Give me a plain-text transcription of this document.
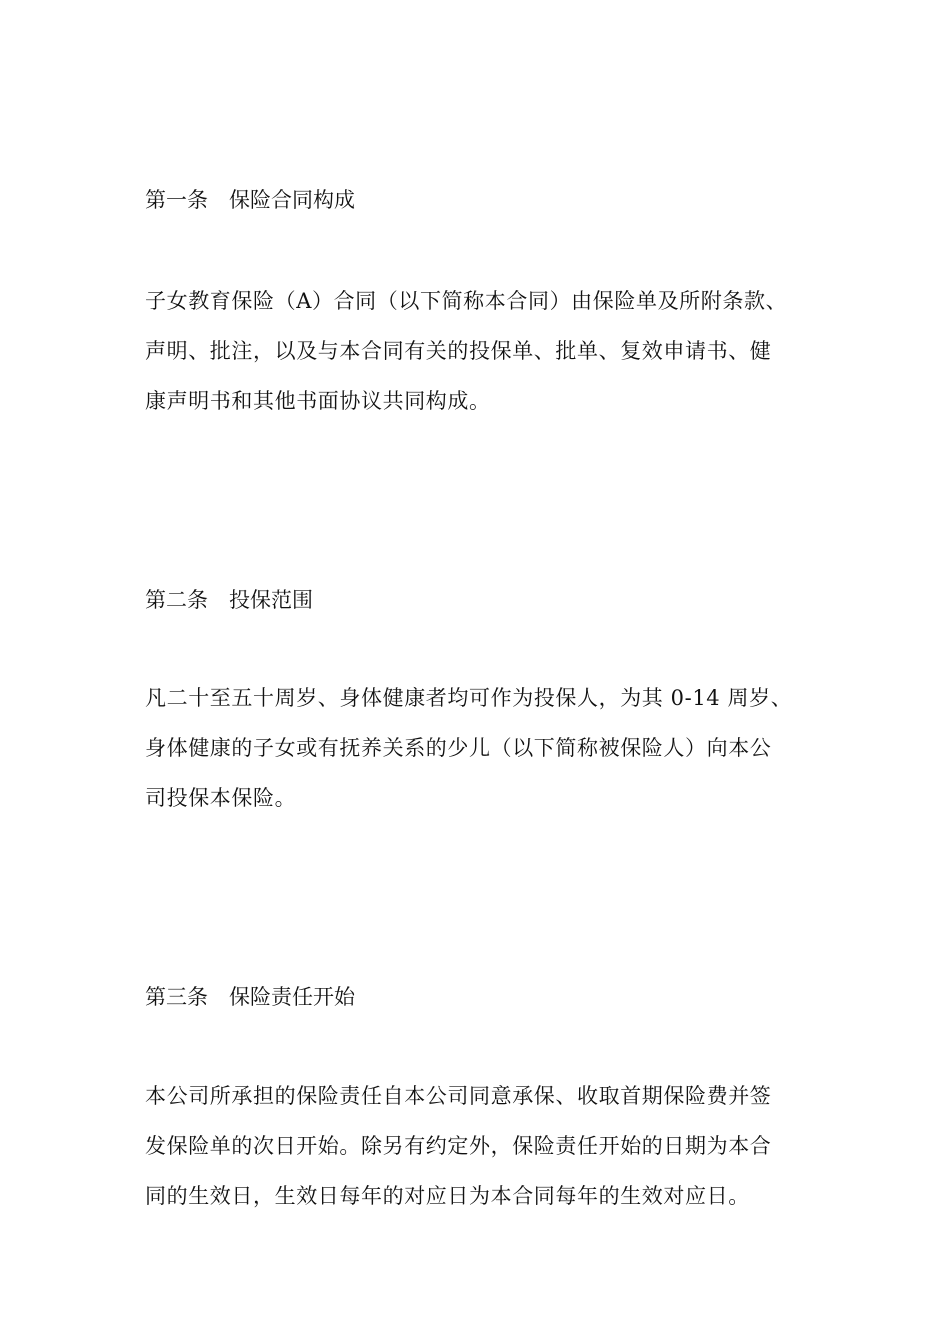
第一条　保险合同构成
子女教育保险（A）合同（以下简称本合同）由保险单及所附条款、
声明、批注，以及与本合同有关的投保单、批单、复效申请书、健
康声明书和其他书面协议共同构成。
第二条　投保范围
凡二十至五十周岁、身体健康者均可作为投保人，为其 0-14 周岁、
身体健康的子女或有抚养关系的少儿（以下简称被保险人）向本公
司投保本保险。
第三条　保险责任开始
本公司所承担的保险责任自本公司同意承保、收取首期保险费并签
发保险单的次日开始。除另有约定外，保险责任开始的日期为本合
同的生效日，生效日每年的对应日为本合同每年的生效对应日。
